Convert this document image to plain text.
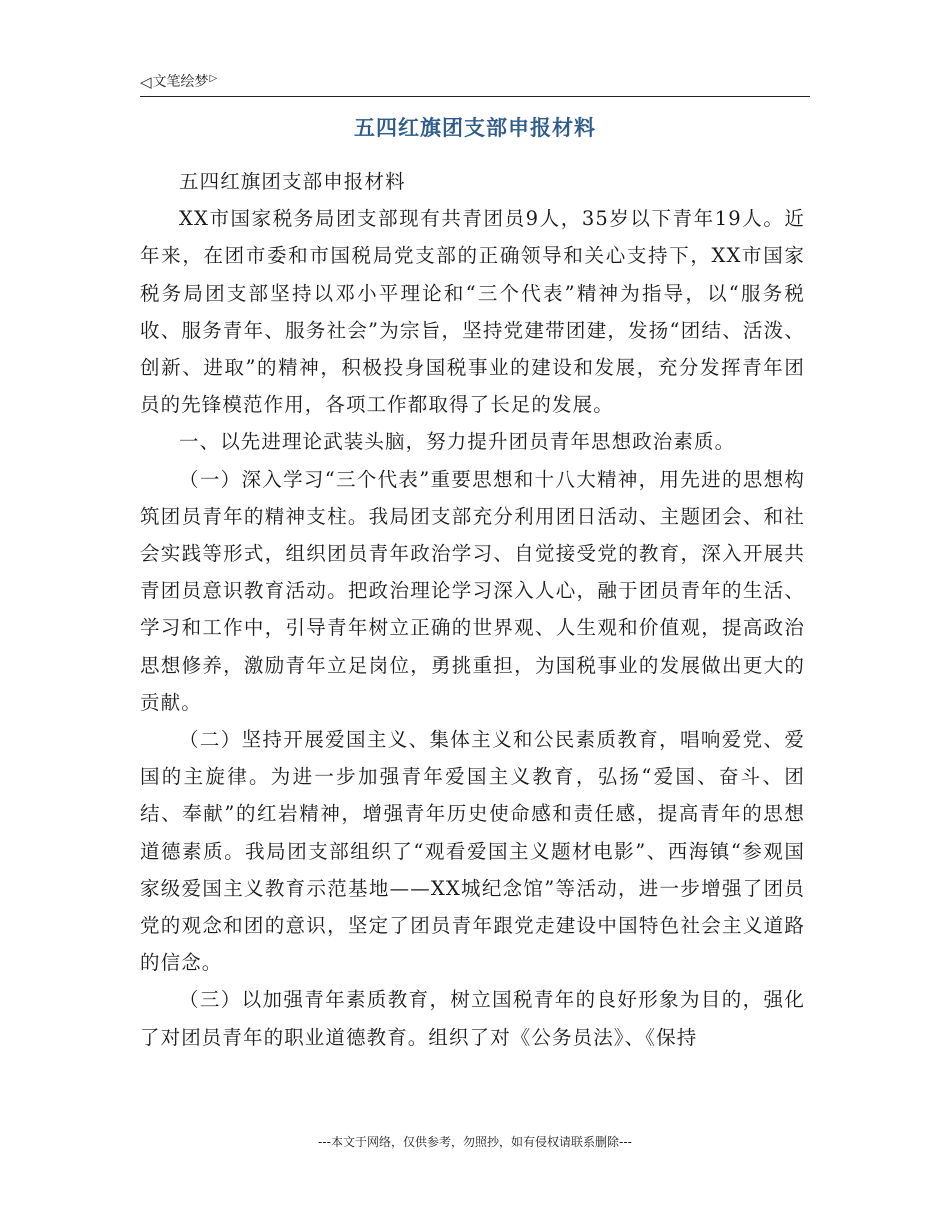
◁ 文笔绘梦 ▷
五四红旗团支部申报材料

五四红旗团支部申报材料

XX市国家税务局团支部现有共青团员9人，35岁以下青年19人。近年来，在团市委和市国税局党支部的正确领导和关心支持下，XX市国家税务局团支部坚持以邓小平理论和“三个代表”精神为指导，以“服务税收、服务青年、服务社会”为宗旨，坚持党建带团建，发扬“团结、活泼、创新、进取”的精神，积极投身国税事业的建设和发展，充分发挥青年团员的先锋模范作用，各项工作都取得了长足的发展。

一、以先进理论武装头脑，努力提升团员青年思想政治素质。

（一）深入学习“三个代表”重要思想和十八大精神，用先进的思想构筑团员青年的精神支柱。我局团支部充分利用团日活动、主题团会、和社会实践等形式，组织团员青年政治学习、自觉接受党的教育，深入开展共青团员意识教育活动。把政治理论学习深入人心，融于团员青年的生活、学习和工作中，引导青年树立正确的世界观、人生观和价值观，提高政治思想修养，激励青年立足岗位，勇挑重担，为国税事业的发展做出更大的贡献。

（二）坚持开展爱国主义、集体主义和公民素质教育，唱响爱党、爱国的主旋律。为进一步加强青年爱国主义教育，弘扬“爱国、奋斗、团结、奉献”的红岩精神，增强青年历史使命感和责任感，提高青年的思想道德素质。我局团支部组织了“观看爱国主义题材电影”、西海镇“参观国家级爱国主义教育示范基地——XX城纪念馆”等活动，进一步增强了团员党的观念和团的意识，坚定了团员青年跟党走建设中国特色社会主义道路的信念。

（三）以加强青年素质教育，树立国税青年的良好形象为目的，强化了对团员青年的职业道德教育。组织了对《公务员法》、《保持

---本文于网络，仅供参考，勿照抄，如有侵权请联系删除---
